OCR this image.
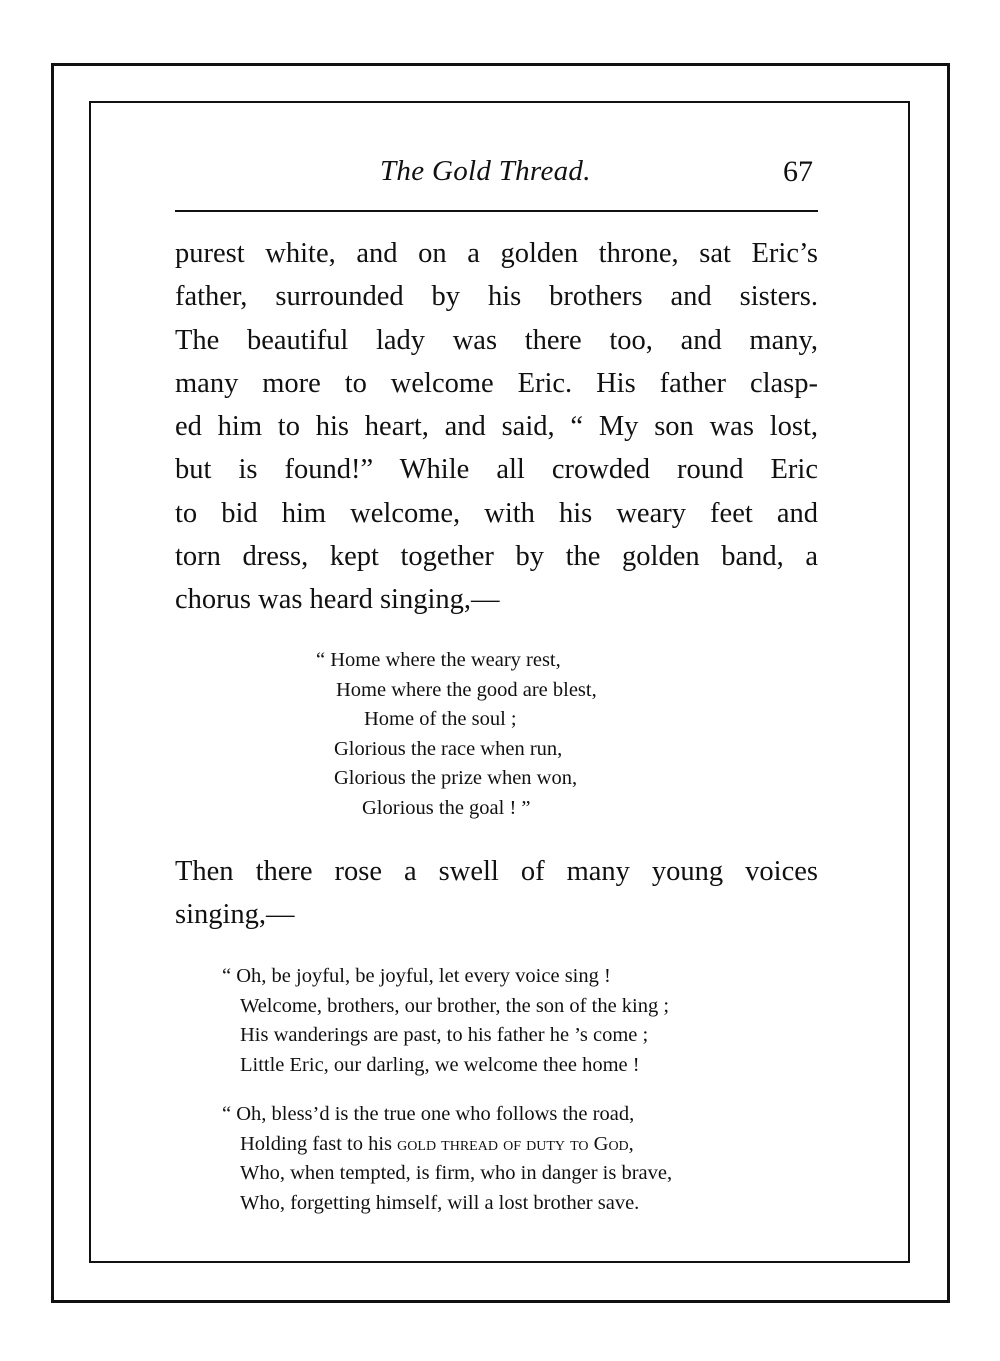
The Gold Thread.	67
purest white, and on a golden throne, sat Eric’s
father, surrounded by his brothers and sisters.
The beautiful lady was there too, and many,
many more to welcome Eric. His father clasp-
ed him to his heart, and said, “ My son was lost,
but is found!” While all crowded round Eric
to bid him welcome, with his weary feet and
torn dress, kept together by the golden band, a
chorus was heard singing,—
“ Home where the weary rest,
Home where the good are blest,
Home of the soul ;
Glorious the race when run,
Glorious the prize when won,
Glorious the goal ! ”
Then there rose a swell of many young voices
singing,—
“ Oh, be joyful, be joyful, let every voice sing !
Welcome, brothers, our brother, the son of the king ;
His wanderings are past, to his father he ’s come ;
Little Eric, our darling, we welcome thee home !
“ Oh, bless’d is the true one who follows the road,
Holding fast to his gold thread of duty to God,
Who, when tempted, is firm, who in danger is brave,
Who, forgetting himself, will a lost brother save.
